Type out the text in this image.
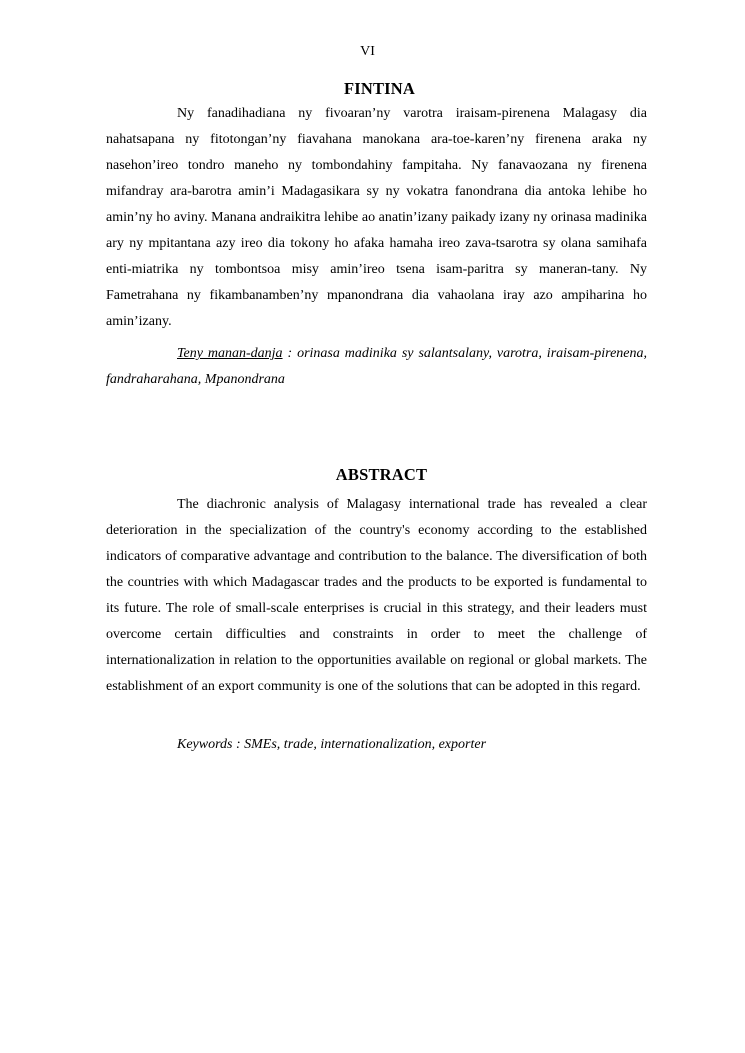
VI
FINTINA

Ny fanadihadiana ny fivoaran’ny varotra iraisam-pirenena Malagasy dia nahatsapana ny fitotongan’ny fiavahana manokana ara-toe-karen’ny firenena araka ny nasehon’ireo tondro maneho ny tombondahiny fampitaha. Ny fanavaozana ny firenena mifandray ara-barotra amin’i Madagasikara sy ny vokatra fanondrana dia antoka lehibe ho amin’ny ho aviny. Manana andraikitra lehibe ao anatin’izany paikady izany ny orinasa madinika ary ny mpitantana azy ireo dia tokony ho afaka hamaha ireo zava-tsarotra sy olana samihafa enti-miatrika ny tombontsoa misy amin’ireo tsena isam-paritra sy maneran-tany. Ny Fametrahana ny fikambanamben’ny mpanondrana dia vahaolana iray azo ampiharina ho amin’izany.

Teny manan-danja : orinasa madinika sy salantsalany, varotra, iraisam-pirenena, fandraharahana, Mpanondrana

ABSTRACT

The diachronic analysis of Malagasy international trade has revealed a clear deterioration in the specialization of the country's economy according to the established indicators of comparative advantage and contribution to the balance. The diversification of both the countries with which Madagascar trades and the products to be exported is fundamental to its future. The role of small-scale enterprises is crucial in this strategy, and their leaders must overcome certain difficulties and constraints in order to meet the challenge of internationalization in relation to the opportunities available on regional or global markets. The establishment of an export community is one of the solutions that can be adopted in this regard.

Keywords : SMEs, trade, internationalization, exporter
